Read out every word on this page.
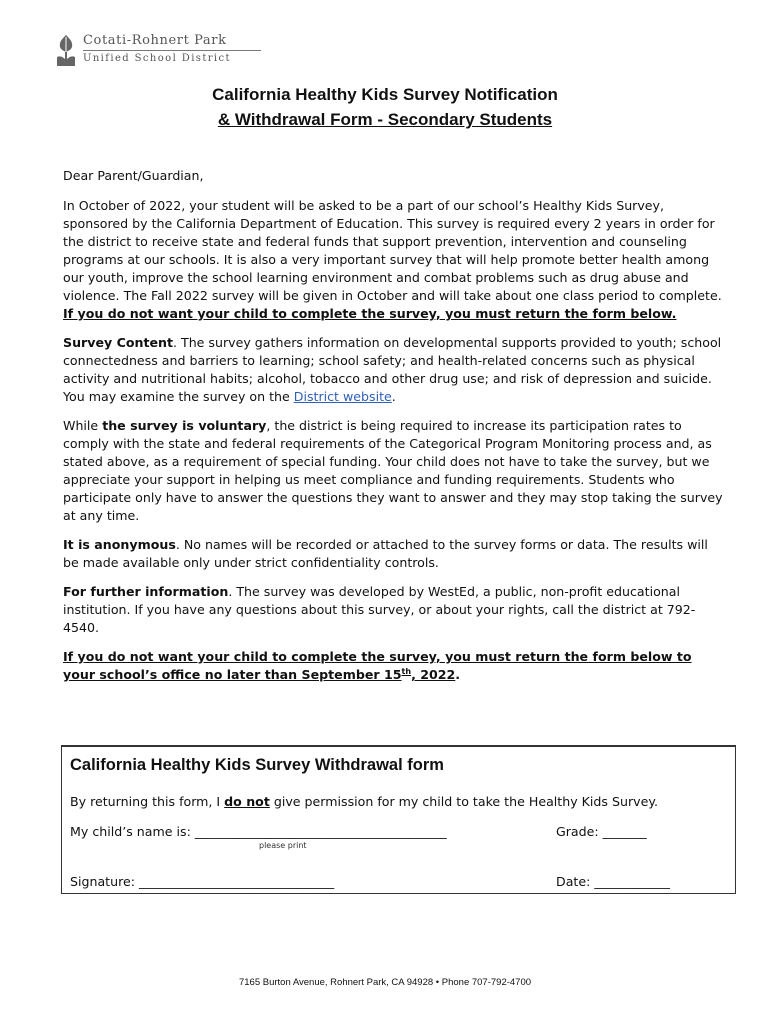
Cotati-Rohnert Park
Unified School District
California Healthy Kids Survey Notification
& Withdrawal Form - Secondary Students

Dear Parent/Guardian,

In October of 2022, your student will be asked to be a part of our school’s Healthy Kids Survey, sponsored by the California Department of Education. This survey is required every 2 years in order for the district to receive state and federal funds that support prevention, intervention and counseling programs at our schools. It is also a very important survey that will help promote better health among our youth, improve the school learning environment and combat problems such as drug abuse and violence. The Fall 2022 survey will be given in October and will take about one class period to complete. If you do not want your child to complete the survey, you must return the form below.

Survey Content. The survey gathers information on developmental supports provided to youth; school connectedness and barriers to learning; school safety; and health-related concerns such as physical activity and nutritional habits; alcohol, tobacco and other drug use; and risk of depression and suicide. You may examine the survey on the District website.

While the survey is voluntary, the district is being required to increase its participation rates to comply with the state and federal requirements of the Categorical Program Monitoring process and, as stated above, as a requirement of special funding. Your child does not have to take the survey, but we appreciate your support in helping us meet compliance and funding requirements. Students who participate only have to answer the questions they want to answer and they may stop taking the survey at any time.

It is anonymous. No names will be recorded or attached to the survey forms or data. The results will be made available only under strict confidentiality controls.

For further information. The survey was developed by WestEd, a public, non-profit educational institution. If you have any questions about this survey, or about your rights, call the district at 792-4540.

If you do not want your child to complete the survey, you must return the form below to your school’s office no later than September 15th, 2022.

California Healthy Kids Survey Withdrawal form
By returning this form, I do not give permission for my child to take the Healthy Kids Survey.
My child’s name is: ________________________________________
please print
Grade: _______
Signature: _______________________________	Date: ____________
7165 Burton Avenue, Rohnert Park, CA 94928 • Phone 707-792-4700
